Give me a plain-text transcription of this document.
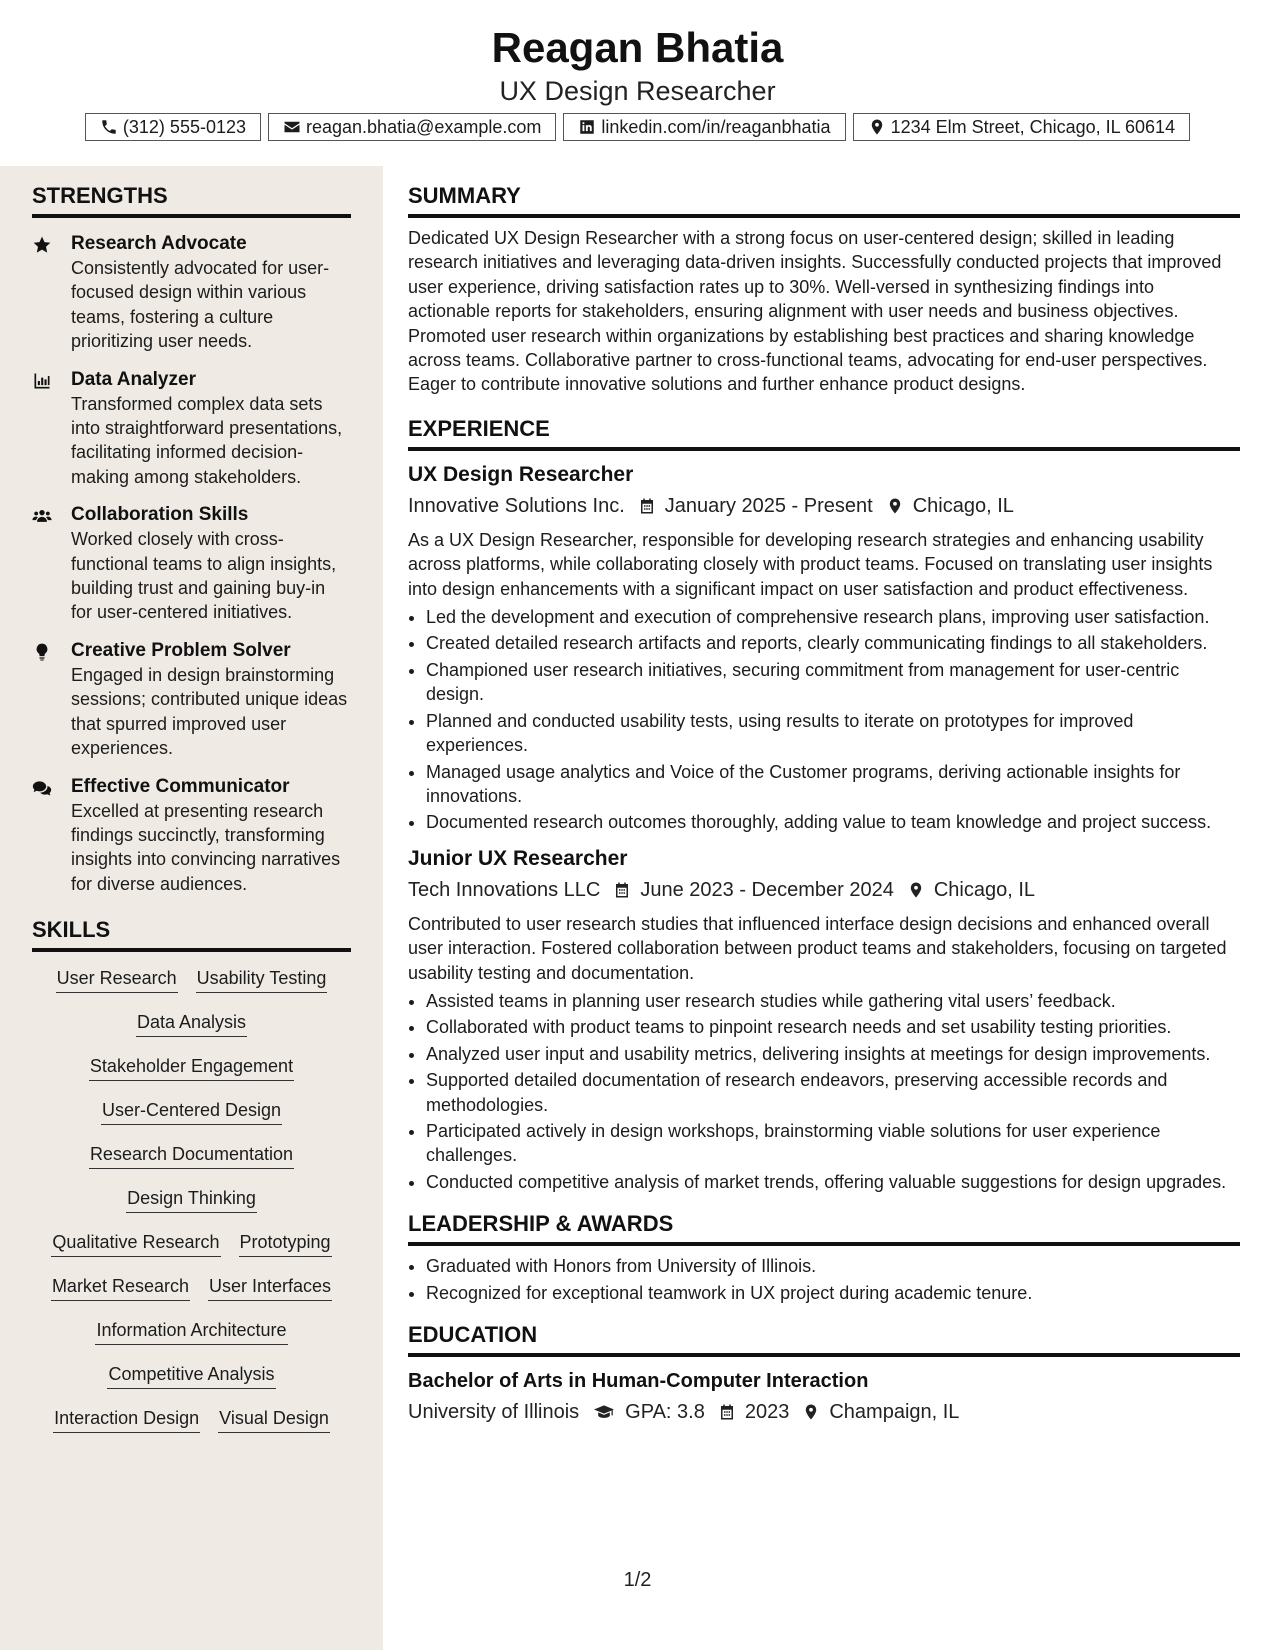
Reagan Bhatia
UX Design Researcher
(312) 555-0123	reagan.bhatia@example.com	linkedin.com/in/reaganbhatia	1234 Elm Street, Chicago, IL 60614
STRENGTHS
Research Advocate
Consistently advocated for user-focused design within various teams, fostering a culture prioritizing user needs.
Data Analyzer
Transformed complex data sets into straightforward presentations, facilitating informed decision-making among stakeholders.
Collaboration Skills
Worked closely with cross-functional teams to align insights, building trust and gaining buy-in for user-centered initiatives.
Creative Problem Solver
Engaged in design brainstorming sessions; contributed unique ideas that spurred improved user experiences.
Effective Communicator
Excelled at presenting research findings succinctly, transforming insights into convincing narratives for diverse audiences.
SKILLS
User Research Usability Testing
Data Analysis
Stakeholder Engagement
User-Centered Design
Research Documentation
Design Thinking
Qualitative Research Prototyping
Market Research User Interfaces
Information Architecture
Competitive Analysis
Interaction Design Visual Design
SUMMARY
Dedicated UX Design Researcher with a strong focus on user-centered design; skilled in leading research initiatives and leveraging data-driven insights. Successfully conducted projects that improved user experience, driving satisfaction rates up to 30%. Well-versed in synthesizing findings into actionable reports for stakeholders, ensuring alignment with user needs and business objectives. Promoted user research within organizations by establishing best practices and sharing knowledge across teams. Collaborative partner to cross-functional teams, advocating for end-user perspectives. Eager to contribute innovative solutions and further enhance product designs.
EXPERIENCE
UX Design Researcher
Innovative Solutions Inc. January 2025 - Present Chicago, IL
As a UX Design Researcher, responsible for developing research strategies and enhancing usability across platforms, while collaborating closely with product teams. Focused on translating user insights into design enhancements with a significant impact on user satisfaction and product effectiveness.
• Led the development and execution of comprehensive research plans, improving user satisfaction.
• Created detailed research artifacts and reports, clearly communicating findings to all stakeholders.
• Championed user research initiatives, securing commitment from management for user-centric design.
• Planned and conducted usability tests, using results to iterate on prototypes for improved experiences.
• Managed usage analytics and Voice of the Customer programs, deriving actionable insights for innovations.
• Documented research outcomes thoroughly, adding value to team knowledge and project success.
Junior UX Researcher
Tech Innovations LLC June 2023 - December 2024 Chicago, IL
Contributed to user research studies that influenced interface design decisions and enhanced overall user interaction. Fostered collaboration between product teams and stakeholders, focusing on targeted usability testing and documentation.
• Assisted teams in planning user research studies while gathering vital users’ feedback.
• Collaborated with product teams to pinpoint research needs and set usability testing priorities.
• Analyzed user input and usability metrics, delivering insights at meetings for design improvements.
• Supported detailed documentation of research endeavors, preserving accessible records and methodologies.
• Participated actively in design workshops, brainstorming viable solutions for user experience challenges.
• Conducted competitive analysis of market trends, offering valuable suggestions for design upgrades.
LEADERSHIP & AWARDS
• Graduated with Honors from University of Illinois.
• Recognized for exceptional teamwork in UX project during academic tenure.
EDUCATION
Bachelor of Arts in Human-Computer Interaction
University of Illinois GPA: 3.8 2023 Champaign, IL
1/2
